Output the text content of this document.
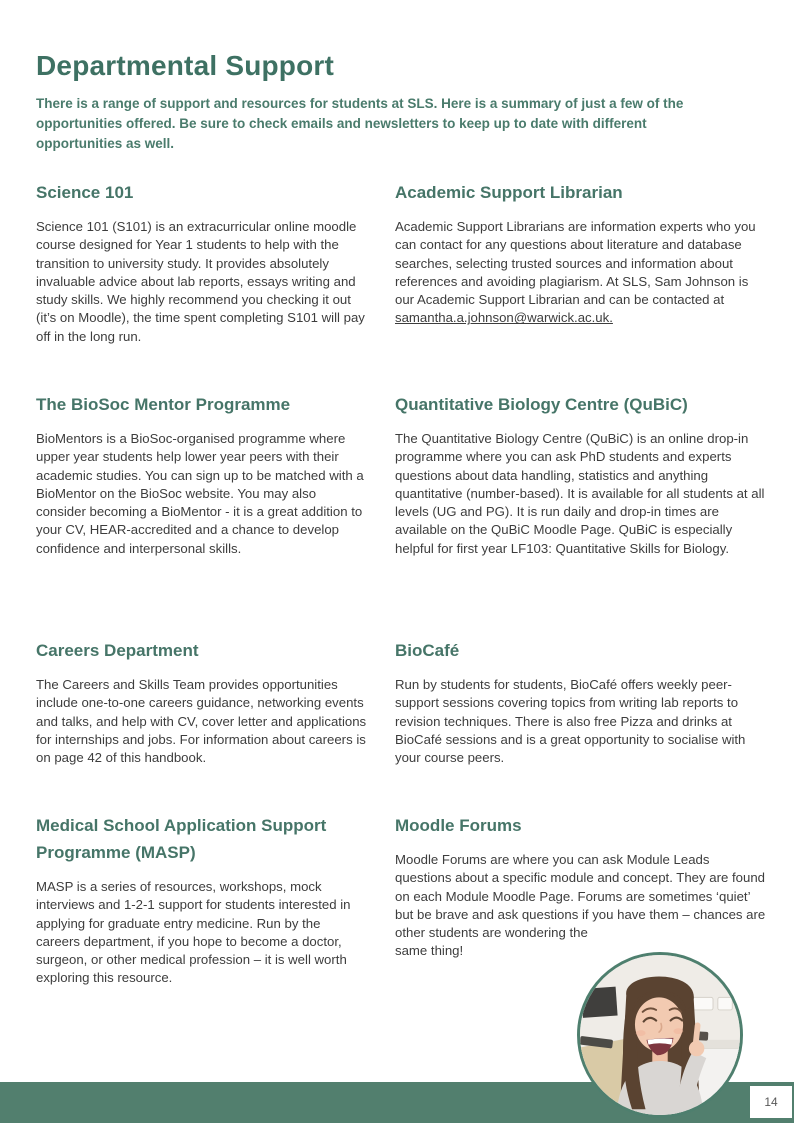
Departmental Support

There is a range of support and resources for students at SLS. Here is a summary of just a few of the opportunities offered. Be sure to check emails and newsletters to keep up to date with different opportunities as well.

Science 101

Science 101 (S101) is an extracurricular online moodle course designed for Year 1 students to help with the transition to university study. It provides absolutely invaluable advice about lab reports, essays writing and study skills. We highly recommend you checking it out (it’s on Moodle), the time spent completing S101 will pay off in the long run.

Academic Support Librarian

Academic Support Librarians are information experts who you can contact for any questions about literature and database searches, selecting trusted sources and information about references and avoiding plagiarism. At SLS, Sam Johnson is our Academic Support Librarian and can be contacted at samantha.a.johnson@warwick.ac.uk.

The BioSoc Mentor Programme

BioMentors is a BioSoc-organised programme where upper year students help lower year peers with their academic studies. You can sign up to be matched with a BioMentor on the BioSoc website. You may also consider becoming a BioMentor - it is a great addition to your CV, HEAR-accredited and a chance to develop confidence and interpersonal skills.

Quantitative Biology Centre (QuBiC)

The Quantitative Biology Centre (QuBiC) is an online drop-in programme where you can ask PhD students and experts questions about data handling, statistics and anything quantitative (number-based). It is available for all students at all levels (UG and PG). It is run daily and drop-in times are available on the QuBiC Moodle Page. QuBiC is especially helpful for first year LF103: Quantitative Skills for Biology.

Careers Department

The Careers and Skills Team provides opportunities include one-to-one careers guidance, networking events and talks, and help with CV, cover letter and applications for internships and jobs. For information about careers is on page 42 of this handbook.

BioCafé

Run by students for students, BioCafé offers weekly peer-support sessions covering topics from writing lab reports to revision techniques. There is also free Pizza and drinks at BioCafé sessions and is a great opportunity to socialise with your course peers.

Medical School Application Support Programme (MASP)

MASP is a series of resources, workshops, mock interviews and 1-2-1 support for students interested in applying for graduate entry medicine. Run by the careers department, if you hope to become a doctor, surgeon, or other medical profession – it is well worth exploring this resource.

Moodle Forums

Moodle Forums are where you can ask Module Leads questions about a specific module and concept. They are found on each Module Moodle Page. Forums are sometimes ‘quiet’ but be brave and ask questions if you have them – chances are

other students are wondering the same thing!

14
